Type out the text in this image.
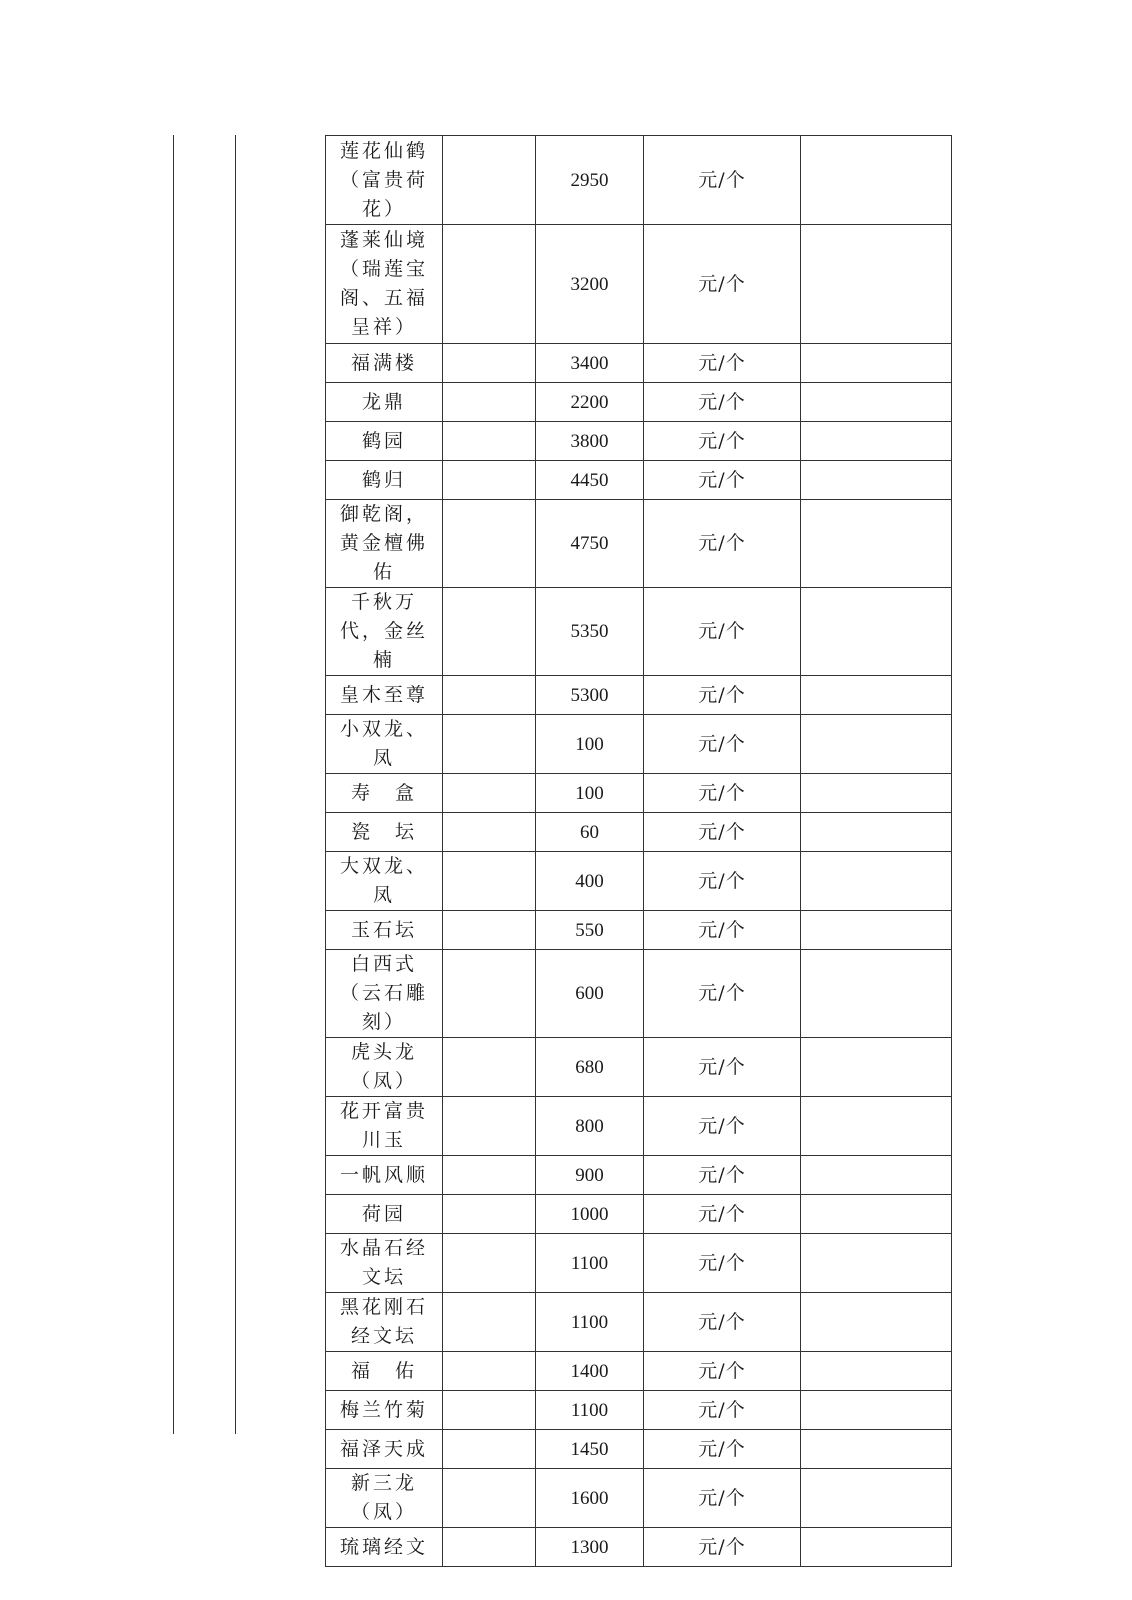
莲花仙鹤（富贵荷花）		2950	元/个	
蓬莱仙境（瑞莲宝阁、五福呈祥）		3200	元/个	
福满楼		3400	元/个	
龙鼎		2200	元/个	
鹤园		3800	元/个	
鹤归		4450	元/个	
御乾阁，黄金檀佛佑		4750	元/个	
千秋万代，金丝楠		5350	元/个	
皇木至尊		5300	元/个	
小双龙、凤		100	元/个	
寿　盒		100	元/个	
瓷　坛		60	元/个	
大双龙、凤		400	元/个	
玉石坛		550	元/个	
白西式（云石雕刻）		600	元/个	
虎头龙（凤）		680	元/个	
花开富贵川玉		800	元/个	
一帆风顺		900	元/个	
荷园		1000	元/个	
水晶石经文坛		1100	元/个	
黑花刚石经文坛		1100	元/个	
福　佑		1400	元/个	
梅兰竹菊		1100	元/个	
福泽天成		1450	元/个	
新三龙（凤）		1600	元/个	
琉璃经文		1300	元/个	
